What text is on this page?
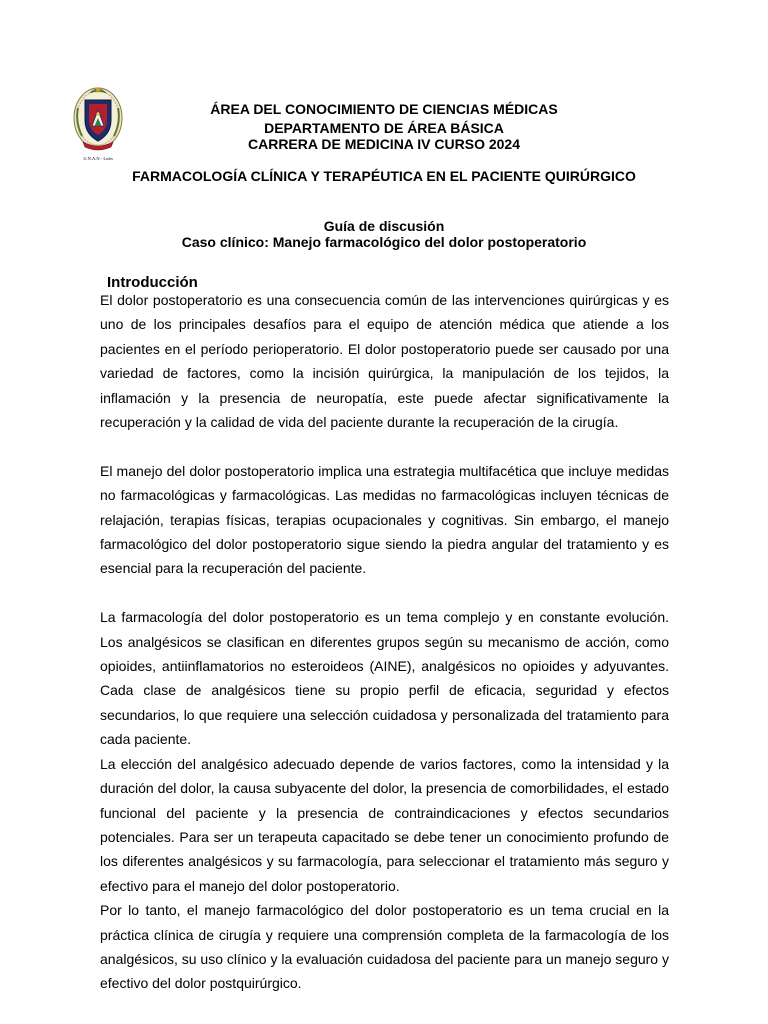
U.N.A.N - León
ÁREA DEL CONOCIMIENTO DE CIENCIAS MÉDICAS
DEPARTAMENTO DE ÁREA BÁSICA
CARRERA DE MEDICINA IV CURSO 2024
FARMACOLOGÍA CLÍNICA Y TERAPÉUTICA EN EL PACIENTE QUIRÚRGICO
Guía de discusión
Caso clínico: Manejo farmacológico del dolor postoperatorio
Introducción

El dolor postoperatorio es una consecuencia común de las intervenciones quirúrgicas y es uno de los principales desafíos para el equipo de atención médica que atiende a los pacientes en el período perioperatorio. El dolor postoperatorio puede ser causado por una variedad de factores, como la incisión quirúrgica, la manipulación de los tejidos, la inflamación y la presencia de neuropatía, este puede afectar significativamente la recuperación y la calidad de vida del paciente durante la recuperación de la cirugía.

El manejo del dolor postoperatorio implica una estrategia multifacética que incluye medidas no farmacológicas y farmacológicas. Las medidas no farmacológicas incluyen técnicas de relajación, terapias físicas, terapias ocupacionales y cognitivas. Sin embargo, el manejo farmacológico del dolor postoperatorio sigue siendo la piedra angular del tratamiento y es esencial para la recuperación del paciente.

La farmacología del dolor postoperatorio es un tema complejo y en constante evolución. Los analgésicos se clasifican en diferentes grupos según su mecanismo de acción, como opioides, antiinflamatorios no esteroideos (AINE), analgésicos no opioides y adyuvantes. Cada clase de analgésicos tiene su propio perfil de eficacia, seguridad y efectos secundarios, lo que requiere una selección cuidadosa y personalizada del tratamiento para cada paciente.

La elección del analgésico adecuado depende de varios factores, como la intensidad y la duración del dolor, la causa subyacente del dolor, la presencia de comorbilidades, el estado funcional del paciente y la presencia de contraindicaciones y efectos secundarios potenciales. Para ser un terapeuta capacitado se debe tener un conocimiento profundo de los diferentes analgésicos y su farmacología, para seleccionar el tratamiento más seguro y efectivo para el manejo del dolor postoperatorio.

Por lo tanto, el manejo farmacológico del dolor postoperatorio es un tema crucial en la práctica clínica de cirugía y requiere una comprensión completa de la farmacología de los analgésicos, su uso clínico y la evaluación cuidadosa del paciente para un manejo seguro y efectivo del dolor postquirúrgico.
